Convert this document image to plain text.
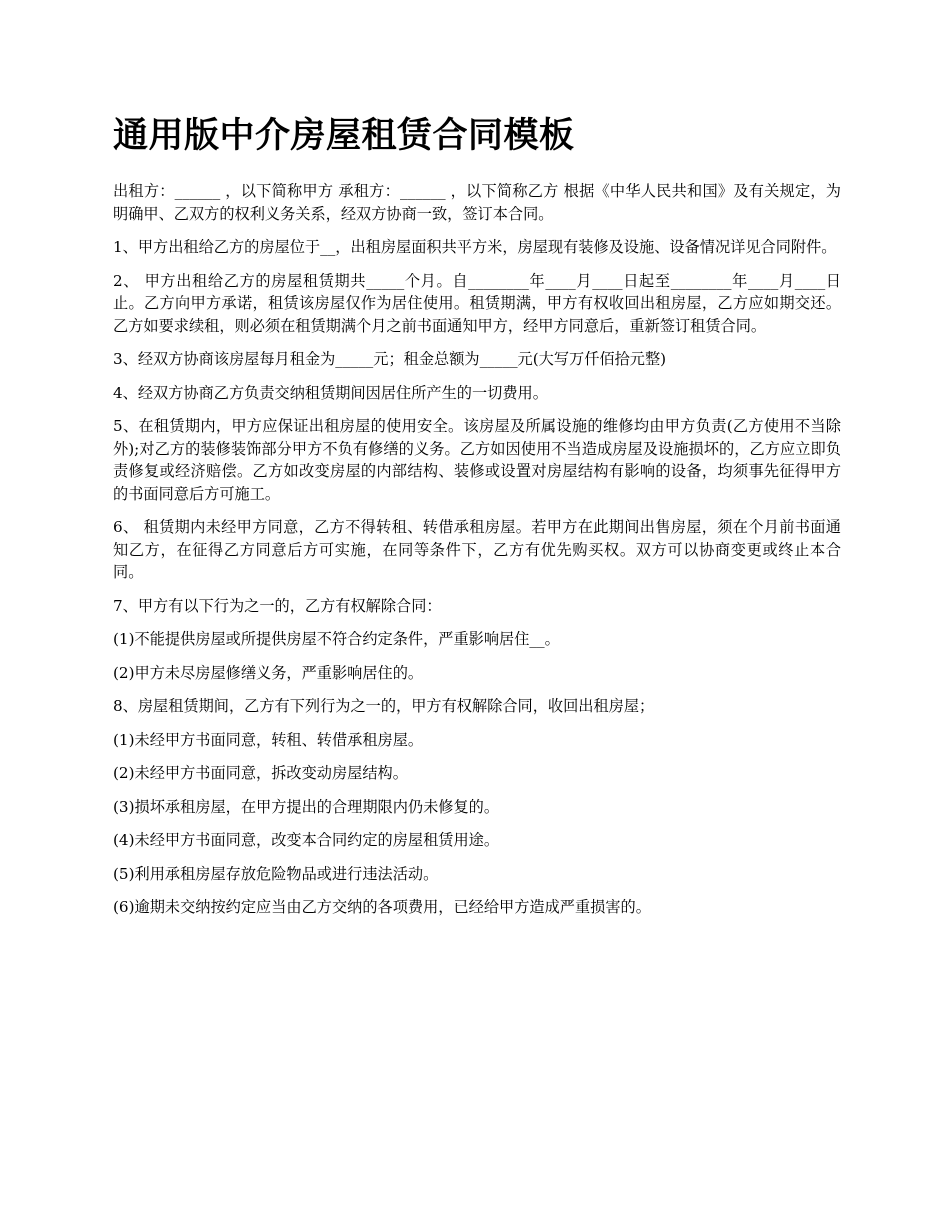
通用版中介房屋租赁合同模板

出租方：______ ，以下简称甲方 承租方：______ ，以下简称乙方 根据《中华人民共和国》及有关规定，为明确甲、乙双方的权利义务关系，经双方协商一致，签订本合同。

1、甲方出租给乙方的房屋位于__，出租房屋面积共平方米，房屋现有装修及设施、设备情况详见合同附件。

2、 甲方出租给乙方的房屋租赁期共_____个月。自________年____月____日起至________年____月____日止。乙方向甲方承诺，租赁该房屋仅作为居住使用。租赁期满，甲方有权收回出租房屋，乙方应如期交还。乙方如要求续租，则必须在租赁期满个月之前书面通知甲方，经甲方同意后，重新签订租赁合同。

3、经双方协商该房屋每月租金为_____元；租金总额为_____元(大写万仟佰拾元整)

4、经双方协商乙方负责交纳租赁期间因居住所产生的一切费用。

5、在租赁期内，甲方应保证出租房屋的使用安全。该房屋及所属设施的维修均由甲方负责(乙方使用不当除外);对乙方的装修装饰部分甲方不负有修缮的义务。乙方如因使用不当造成房屋及设施损坏的，乙方应立即负责修复或经济赔偿。乙方如改变房屋的内部结构、装修或设置对房屋结构有影响的设备，均须事先征得甲方的书面同意后方可施工。

6、 租赁期内未经甲方同意，乙方不得转租、转借承租房屋。若甲方在此期间出售房屋，须在个月前书面通知乙方，在征得乙方同意后方可实施，在同等条件下，乙方有优先购买权。双方可以协商变更或终止本合同。

7、甲方有以下行为之一的，乙方有权解除合同：

(1)不能提供房屋或所提供房屋不符合约定条件，严重影响居住__。

(2)甲方未尽房屋修缮义务，严重影响居住的。

8、房屋租赁期间，乙方有下列行为之一的，甲方有权解除合同，收回出租房屋；

(1)未经甲方书面同意，转租、转借承租房屋。

(2)未经甲方书面同意，拆改变动房屋结构。

(3)损坏承租房屋，在甲方提出的合理期限内仍未修复的。

(4)未经甲方书面同意，改变本合同约定的房屋租赁用途。

(5)利用承租房屋存放危险物品或进行违法活动。

(6)逾期未交纳按约定应当由乙方交纳的各项费用，已经给甲方造成严重损害的。
